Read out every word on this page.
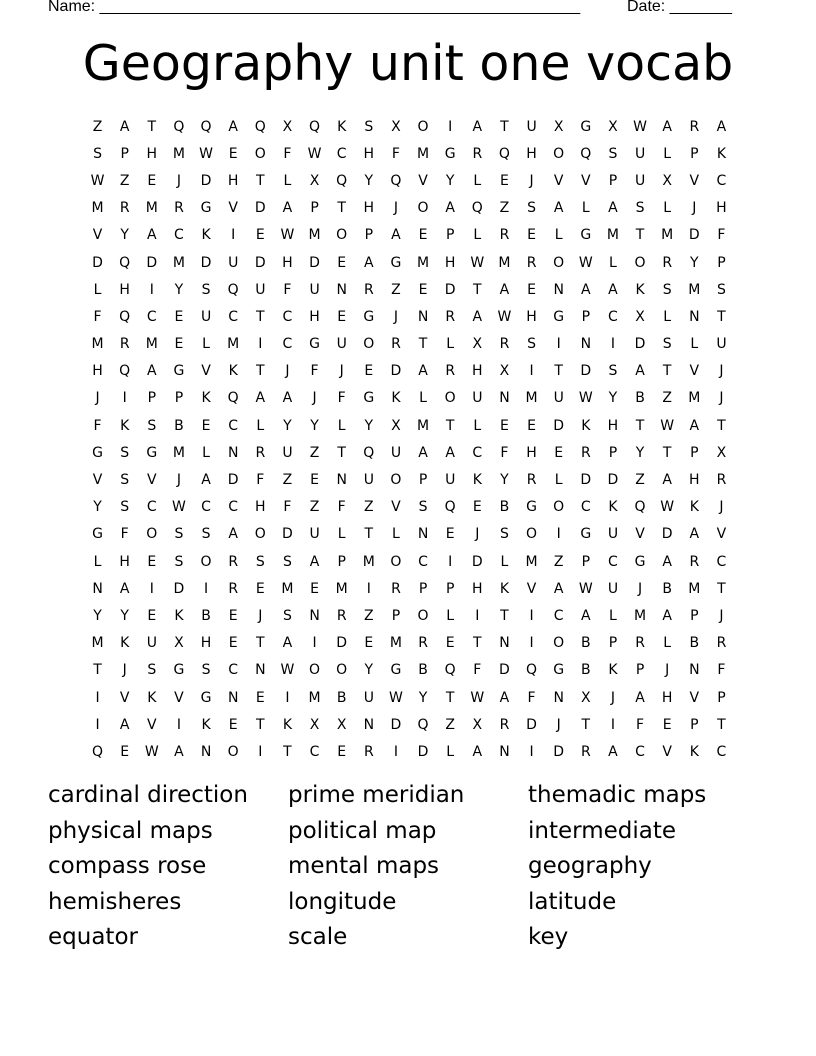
Name: ______________________________________________________	Date: _______
Geography unit one vocab
Z	A	T	Q	Q	A	Q	X	Q	K	S	X	O	I	A	T	U	X	G	X	W	A	R	A
S	P	H	M	W	E	O	F	W	C	H	F	M	G	R	Q	H	O	Q	S	U	L	P	K
W	Z	E	J	D	H	T	L	X	Q	Y	Q	V	Y	L	E	J	V	V	P	U	X	V	C
M	R	M	R	G	V	D	A	P	T	H	J	O	A	Q	Z	S	A	L	A	S	L	J	H
V	Y	A	C	K	I	E	W	M	O	P	A	E	P	L	R	E	L	G	M	T	M	D	F
D	Q	D	M	D	U	D	H	D	E	A	G	M	H	W	M	R	O	W	L	O	R	Y	P
L	H	I	Y	S	Q	U	F	U	N	R	Z	E	D	T	A	E	N	A	A	K	S	M	S
F	Q	C	E	U	C	T	C	H	E	G	J	N	R	A	W	H	G	P	C	X	L	N	T
M	R	M	E	L	M	I	C	G	U	O	R	T	L	X	R	S	I	N	I	D	S	L	U
H	Q	A	G	V	K	T	J	F	J	E	D	A	R	H	X	I	T	D	S	A	T	V	J
J	I	P	P	K	Q	A	A	J	F	G	K	L	O	U	N	M	U	W	Y	B	Z	M	J
F	K	S	B	E	C	L	Y	Y	L	Y	X	M	T	L	E	E	D	K	H	T	W	A	T
G	S	G	M	L	N	R	U	Z	T	Q	U	A	A	C	F	H	E	R	P	Y	T	P	X
V	S	V	J	A	D	F	Z	E	N	U	O	P	U	K	Y	R	L	D	D	Z	A	H	R
Y	S	C	W	C	C	H	F	Z	F	Z	V	S	Q	E	B	G	O	C	K	Q	W	K	J
G	F	O	S	S	A	O	D	U	L	T	L	N	E	J	S	O	I	G	U	V	D	A	V
L	H	E	S	O	R	S	S	A	P	M	O	C	I	D	L	M	Z	P	C	G	A	R	C
N	A	I	D	I	R	E	M	E	M	I	R	P	P	H	K	V	A	W	U	J	B	M	T
Y	Y	E	K	B	E	J	S	N	R	Z	P	O	L	I	T	I	C	A	L	M	A	P	J
M	K	U	X	H	E	T	A	I	D	E	M	R	E	T	N	I	O	B	P	R	L	B	R
T	J	S	G	S	C	N	W	O	O	Y	G	B	Q	F	D	Q	G	B	K	P	J	N	F
I	V	K	V	G	N	E	I	M	B	U	W	Y	T	W	A	F	N	X	J	A	H	V	P
I	A	V	I	K	E	T	K	X	X	N	D	Q	Z	X	R	D	J	T	I	F	E	P	T
Q	E	W	A	N	O	I	T	C	E	R	I	D	L	A	N	I	D	R	A	C	V	K	C
cardinal direction	prime meridian	themadic maps
physical maps	political map	intermediate
compass rose	mental maps	geography
hemisheres	longitude	latitude
equator	scale	key
